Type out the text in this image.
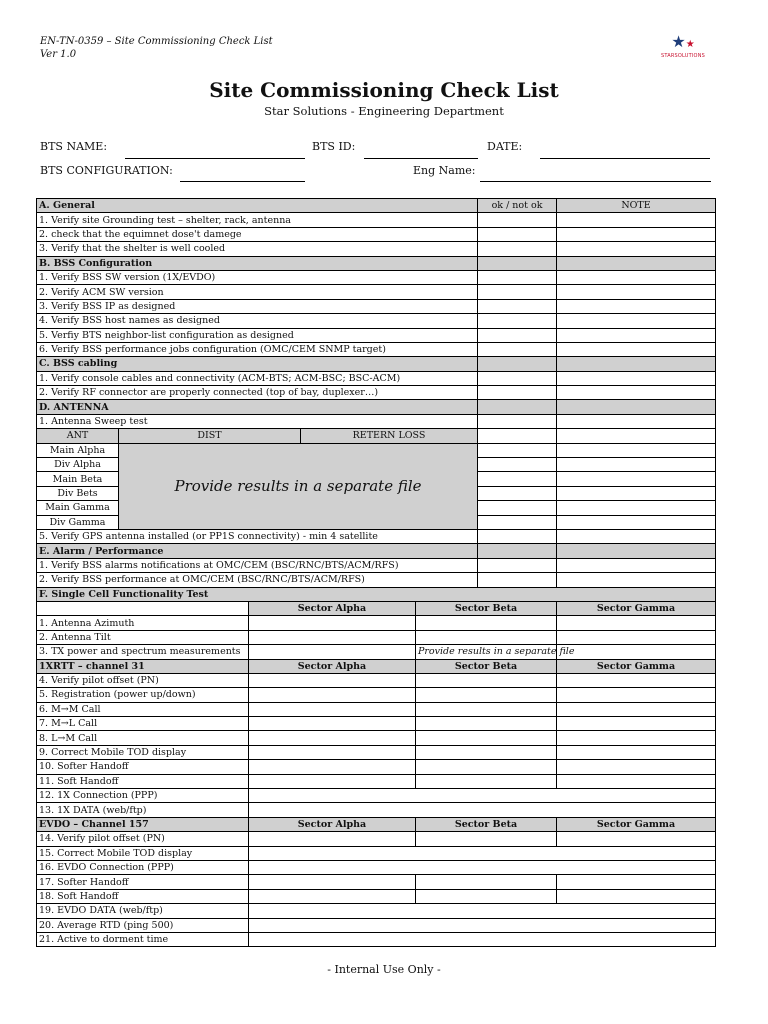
EN-TN-0359 – Site Commissioning Check List
Ver 1.0
★★
STARSOLUTIONS
Site Commissioning Check List
Star Solutions - Engineering Department
BTS NAME:	BTS ID:	DATE:
BTS CONFIGURATION:	Eng Name:
A. General					ok / not ok	NOTE
1. Verify site Grounding test – shelter, rack, antenna						
2. check that the equimnet dose't damege						
3. Verify that the shelter is well cooled						
B. BSS Configuration						
1. Verify BSS SW version (1X/EVDO)						
2. Verify ACM SW version						
3. Verify BSS IP as designed						
4. Verify BSS host names as designed						
5. Verfiy BTS neighbor-list configuration as designed						
6. Verify BSS performance jobs configuration (OMC/CEM SNMP target)						
C. BSS cabling						
1. Verify console cables and connectivity (ACM-BTS; ACM-BSC; BSC-ACM)						
2. Verify RF connector are properly connected (top of bay, duplexer…)						
D. ANTENNA						
1. Antenna Sweep test						
ANT	DIST		RETERN LOSS			
Main Alpha	Provide results in a separate file					
Div Alpha						
Main Beta						
Div Bets						
Main Gamma						
Div Gamma						
5. Verify GPS antenna installed (or PP1S connectivity) - min 4 satellite						
E. Alarm / Performance						
1. Verify BSS alarms notifications at OMC/CEM (BSC/RNC/BTS/ACM/RFS)						
2. Verify BSS performance at OMC/CEM (BSC/RNC/BTS/ACM/RFS)						
F. Single Cell Functionality Test						
		Sector Alpha		Sector Beta		Sector Gamma
1. Antenna Azimuth						
2. Antenna Tilt						
3. TX power and spectrum measurements				Provide results in a separate file		
1XRTT – channel 31		Sector Alpha		Sector Beta		Sector Gamma
4. Verify pilot offset (PN)						
5. Registration (power up/down)						
6. M→M Call						
7. M→L Call						
8. L→M Call						
9. Correct Mobile TOD display						
10. Softer Handoff						
11. Soft Handoff						
12. 1X Connection (PPP)						
13. 1X DATA (web/ftp)						
EVDO – Channel 157		Sector Alpha		Sector Beta		Sector Gamma
14. Verify pilot offset (PN)						
15. Correct Mobile TOD display						
16. EVDO Connection (PPP)						
17. Softer Handoff						
18. Soft Handoff						
19. EVDO DATA (web/ftp)						
20. Average RTD (ping 500)						
21. Active to dorment time						
- Internal Use Only -
